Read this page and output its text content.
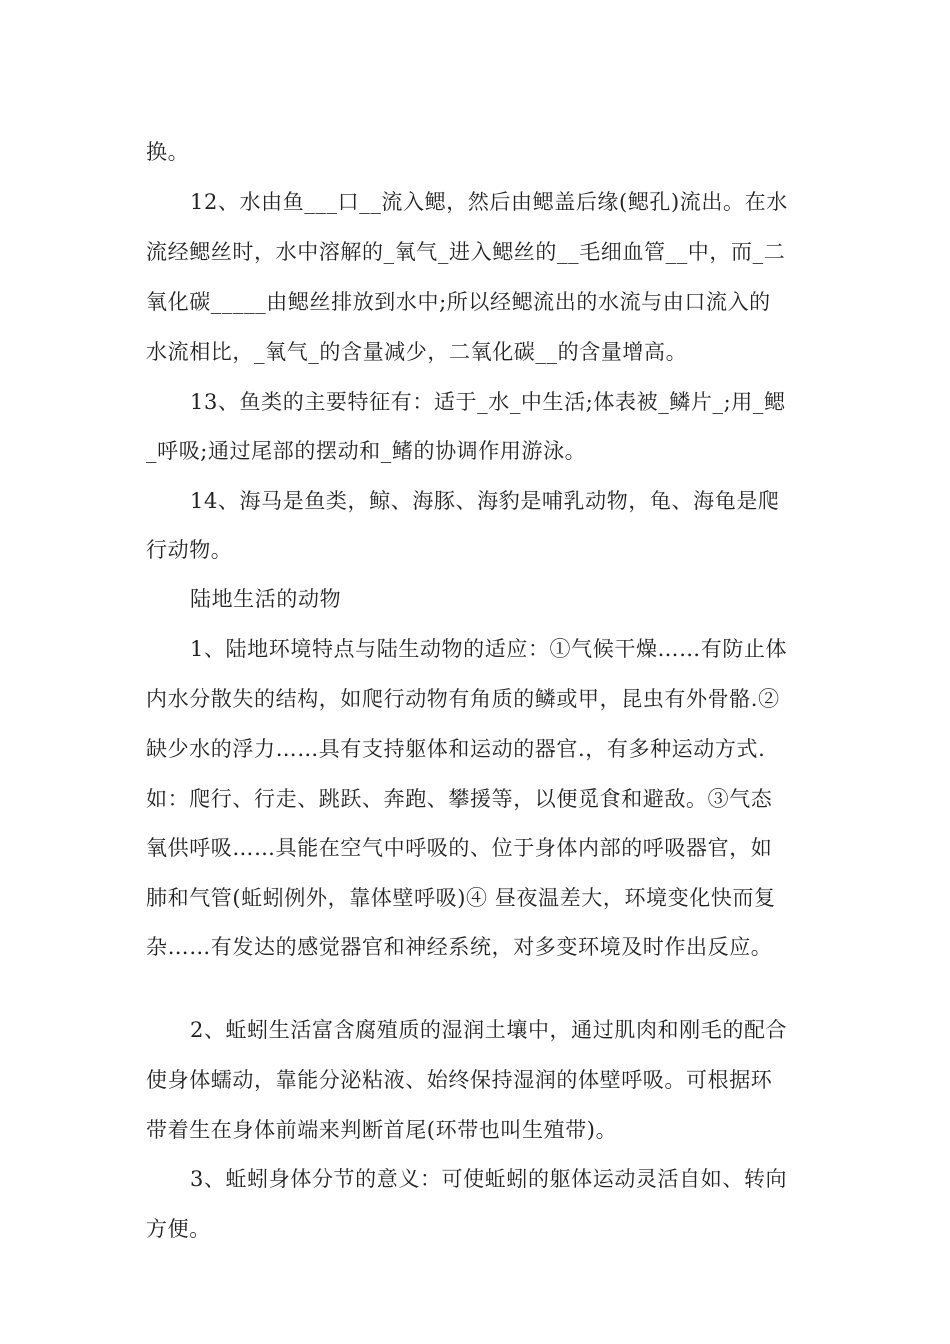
换。
12、水由鱼___口__流入鳃，然后由鳃盖后缘(鳃孔)流出。在水
流经鳃丝时，水中溶解的_氧气_进入鳃丝的__毛细血管__中，而_二
氧化碳_____由鳃丝排放到水中;所以经鳃流出的水流与由口流入的
水流相比，_氧气_的含量减少，二氧化碳__的含量增高。
13、鱼类的主要特征有：适于_水_中生活;体表被_鳞片_;用_鳃
_呼吸;通过尾部的摆动和_鳍的协调作用游泳。
14、海马是鱼类，鲸、海豚、海豹是哺乳动物，龟、海龟是爬
行动物。
陆地生活的动物
1、陆地环境特点与陆生动物的适应：①气候干燥……有防止体
内水分散失的结构，如爬行动物有角质的鳞或甲，昆虫有外骨骼.②
缺少水的浮力……具有支持躯体和运动的器官.，有多种运动方式.
如：爬行、行走、跳跃、奔跑、攀援等，以便觅食和避敌。③气态
氧供呼吸……具能在空气中呼吸的、位于身体内部的呼吸器官，如
肺和气管(蚯蚓例外，靠体壁呼吸)④ 昼夜温差大，环境变化快而复
杂……有发达的感觉器官和神经系统，对多变环境及时作出反应。
2、蚯蚓生活富含腐殖质的湿润土壤中，通过肌肉和刚毛的配合
使身体蠕动，靠能分泌粘液、始终保持湿润的体壁呼吸。可根据环
带着生在身体前端来判断首尾(环带也叫生殖带)。
3、蚯蚓身体分节的意义：可使蚯蚓的躯体运动灵活自如、转向
方便。
